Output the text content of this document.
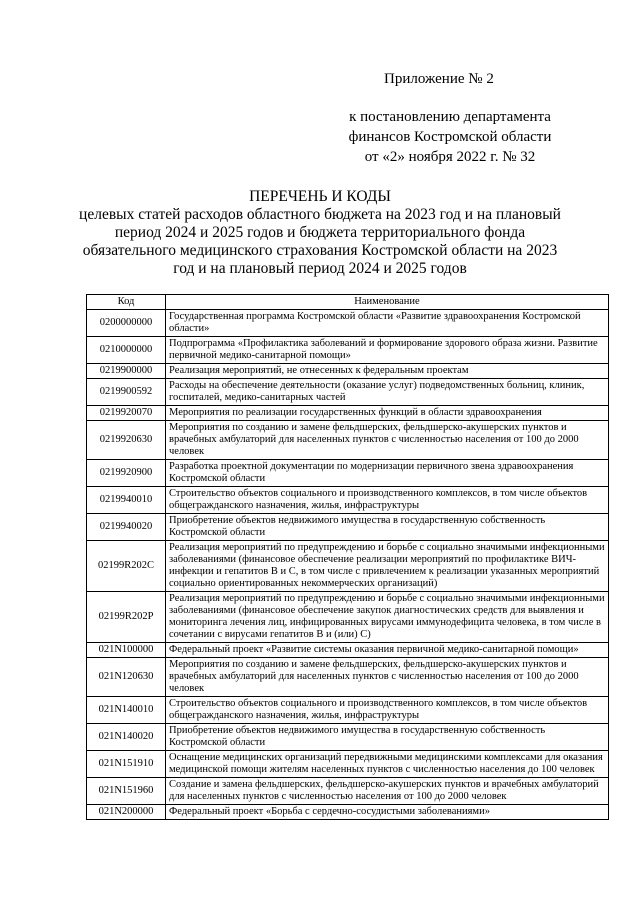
Приложение № 2
к постановлению департамента
финансов Костромской области
от «2» ноября 2022 г. № 32
ПЕРЕЧЕНЬ И КОДЫ
целевых статей расходов областного бюджета на 2023 год и на плановый
период 2024 и 2025 годов и бюджета территориального фонда
обязательного медицинского страхования Костромской области на 2023
год и на плановый период 2024 и 2025 годов
Код	Наименование
0200000000	Государственная программа Костромской области «Развитие здравоохранения Костромской области»
0210000000	Подпрограмма «Профилактика заболеваний и формирование здорового образа жизни. Развитие первичной медико-санитарной помощи»
0219900000	Реализация мероприятий, не отнесенных к федеральным проектам
0219900592	Расходы на обеспечение деятельности (оказание услуг) подведомственных больниц, клиник, госпиталей, медико-санитарных частей
0219920070	Мероприятия по реализации государственных функций в области здравоохранения
0219920630	Мероприятия по созданию и замене фельдшерских, фельдшерско-акушерских пунктов и врачебных амбулаторий для населенных пунктов с численностью населения от 100 до 2000 человек
0219920900	Разработка проектной документации по модернизации первичного звена здравоохранения Костромской области
0219940010	Строительство объектов социального и производственного комплексов, в том числе объектов общегражданского назначения, жилья, инфраструктуры
0219940020	Приобретение объектов недвижимого имущества в государственную собственность Костромской области
02199R202C	Реализация мероприятий по предупреждению и борьбе с социально значимыми инфекционными заболеваниями (финансовое обеспечение реализации мероприятий по профилактике ВИЧ- инфекции и гепатитов B и C, в том числе с привлечением к реализации указанных мероприятий социально ориентированных некоммерческих организаций)
02199R202P	Реализация мероприятий по предупреждению и борьбе с социально значимыми инфекционными заболеваниями (финансовое обеспечение закупок диагностических средств для выявления и мониторинга лечения лиц, инфицированных вирусами иммунодефицита человека, в том числе в сочетании с вирусами гепатитов B и (или) C)
021N100000	Федеральный проект «Развитие системы оказания первичной медико-санитарной помощи»
021N120630	Мероприятия по созданию и замене фельдшерских, фельдшерско-акушерских пунктов и врачебных амбулаторий для населенных пунктов с численностью населения от 100 до 2000 человек
021N140010	Строительство объектов социального и производственного комплексов, в том числе объектов общегражданского назначения, жилья, инфраструктуры
021N140020	Приобретение объектов недвижимого имущества в государственную собственность Костромской области
021N151910	Оснащение медицинских организаций передвижными медицинскими комплексами для оказания медицинской помощи жителям населенных пунктов с численностью населения до 100 человек
021N151960	Создание и замена фельдшерских, фельдшерско-акушерских пунктов и врачебных амбулаторий для населенных пунктов с численностью населения от 100 до 2000 человек
021N200000	Федеральный проект «Борьба с сердечно-сосудистыми заболеваниями»
